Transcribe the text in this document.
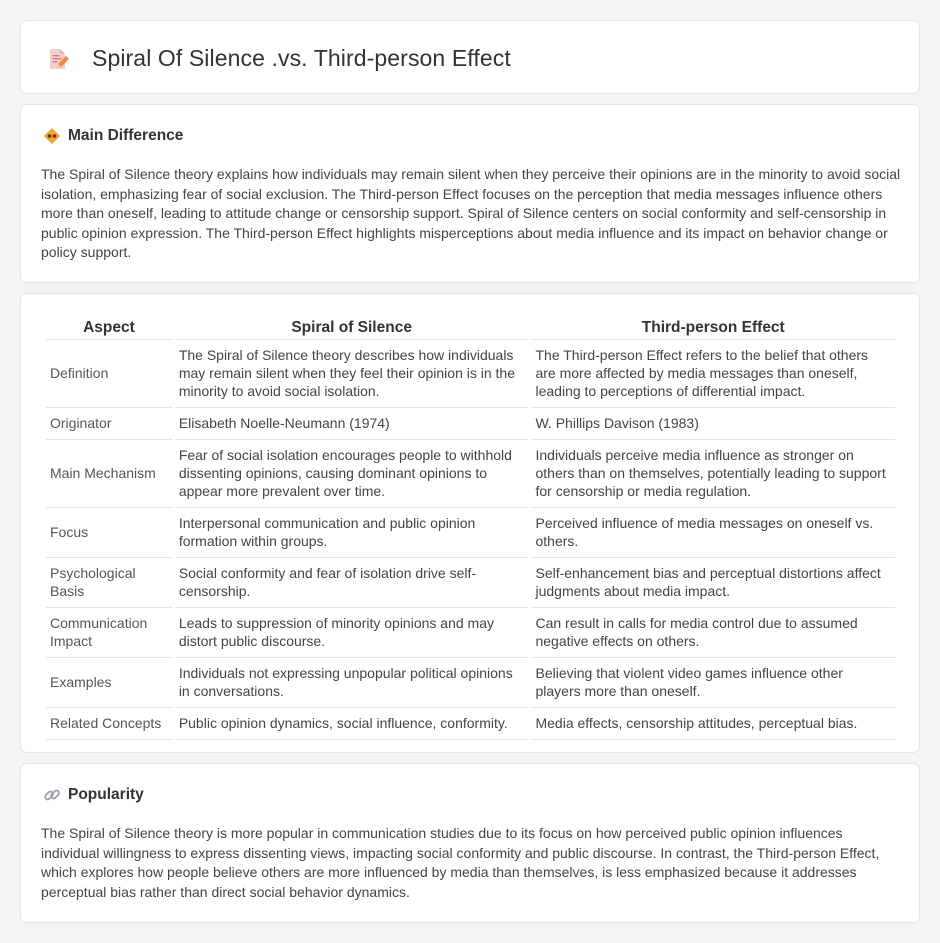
Spiral Of Silence .vs. Third-person Effect
Main Difference

The Spiral of Silence theory explains how individuals may remain silent when they perceive their opinions are in the minority to avoid social isolation, emphasizing fear of social exclusion. The Third-person Effect focuses on the perception that media messages influence others more than oneself, leading to attitude change or censorship support. Spiral of Silence centers on social conformity and self-censorship in public opinion expression. The Third-person Effect highlights misperceptions about media influence and its impact on behavior change or policy support.

Aspect	Spiral of Silence	Third-person Effect
Definition	The Spiral of Silence theory describes how individuals may remain silent when they feel their opinion is in the minority to avoid social isolation.	The Third-person Effect refers to the belief that others are more affected by media messages than oneself, leading to perceptions of differential impact.
Originator	Elisabeth Noelle-Neumann (1974)	W. Phillips Davison (1983)
Main Mechanism	Fear of social isolation encourages people to withhold dissenting opinions, causing dominant opinions to appear more prevalent over time.	Individuals perceive media influence as stronger on others than on themselves, potentially leading to support for censorship or media regulation.
Focus	Interpersonal communication and public opinion formation within groups.	Perceived influence of media messages on oneself vs. others.
Psychological Basis	Social conformity and fear of isolation drive self-censorship.	Self-enhancement bias and perceptual distortions affect judgments about media impact.
Communication Impact	Leads to suppression of minority opinions and may distort public discourse.	Can result in calls for media control due to assumed negative effects on others.
Examples	Individuals not expressing unpopular political opinions in conversations.	Believing that violent video games influence other players more than oneself.
Related Concepts	Public opinion dynamics, social influence, conformity.	Media effects, censorship attitudes, perceptual bias.
Popularity

The Spiral of Silence theory is more popular in communication studies due to its focus on how perceived public opinion influences individual willingness to express dissenting views, impacting social conformity and public discourse. In contrast, the Third-person Effect, which explores how people believe others are more influenced by media than themselves, is less emphasized because it addresses perceptual bias rather than direct social behavior dynamics.
